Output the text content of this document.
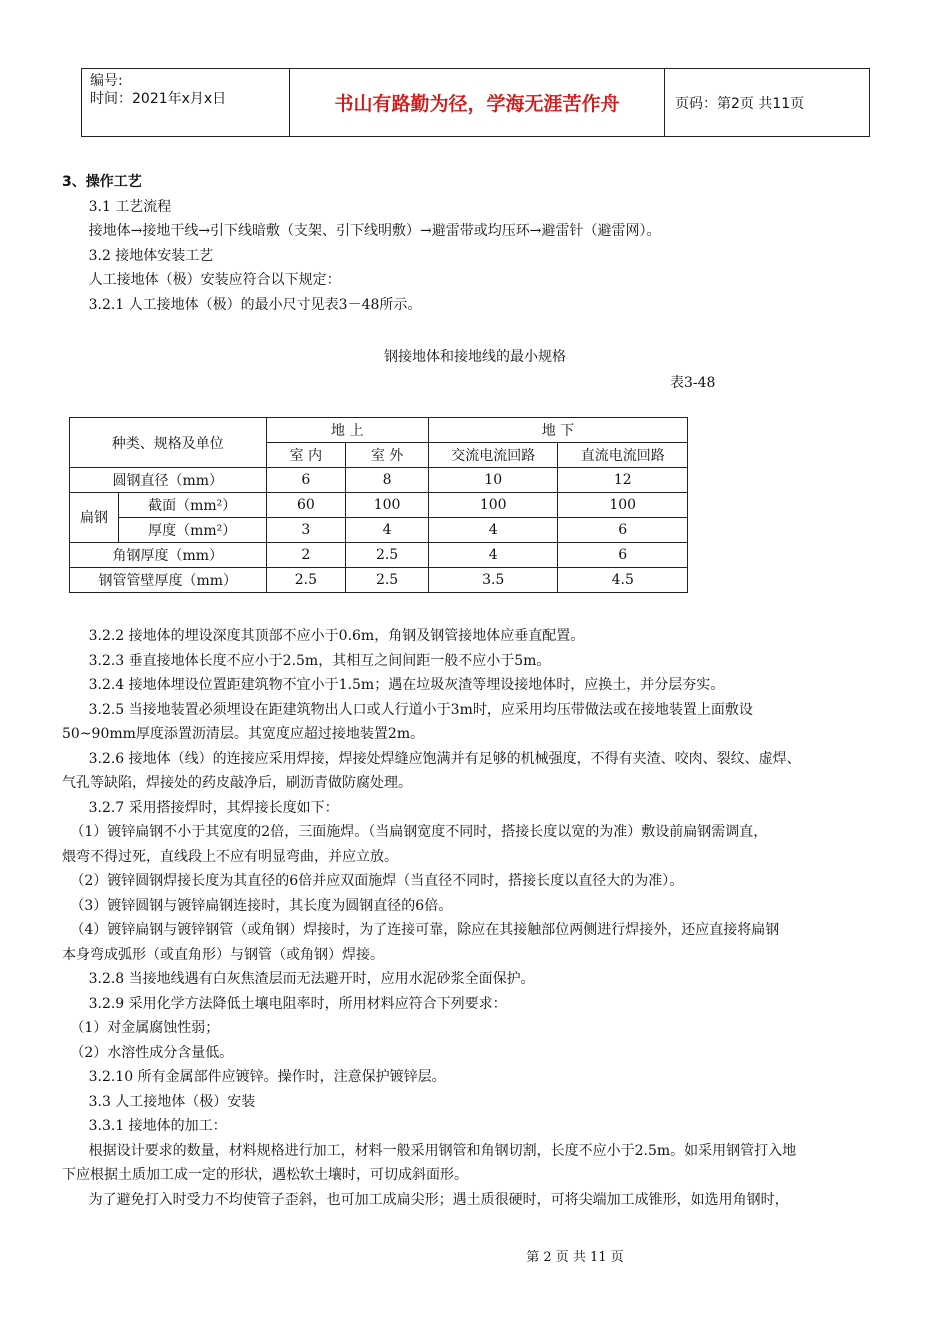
编号:
时间：2021年x月x日	书山有路勤为径，学海无涯苦作舟	页码：第2页 共11页
3、操作工艺
3.1 工艺流程
接地体→接地干线→引下线暗敷（支架、引下线明敷）→避雷带或均压环→避雷针（避雷网）。
3.2 接地体安装工艺
人工接地体（极）安装应符合以下规定：
3.2.1 人工接地体（极）的最小尺寸见表3－48所示。
钢接地体和接地线的最小规格
表3-48
种类、规格及单位		地 上		地 下	
		室 内	室 外	交流电流回路	直流电流回路
圆钢直径（mm）		6	8	10	12
扁钢	截面（mm²）	60	100	100	100
	厚度（mm²）	3	4	4	6
角钢厚度（mm）		2	2.5	4	6
钢管管壁厚度（mm）		2.5	2.5	3.5	4.5
3.2.2 接地体的埋设深度其顶部不应小于0.6m，角钢及钢管接地体应垂直配置。
3.2.3 垂直接地体长度不应小于2.5m，其相互之间间距一般不应小于5m。
3.2.4 接地体埋设位置距建筑物不宜小于1.5m；遇在垃圾灰渣等埋设接地体时，应换土，并分层夯实。
3.2.5 当接地装置必须埋设在距建筑物出人口或人行道小于3m时，应采用均压带做法或在接地装置上面敷设
50~90mm厚度添置沥清层。其宽度应超过接地装置2m。
3.2.6 接地体（线）的连接应采用焊接，焊接处焊缝应饱满并有足够的机械强度，不得有夹渣、咬肉、裂纹、虚焊、
气孔等缺陷，焊接处的药皮敲净后，刷沥青做防腐处理。
3.2.7 采用搭接焊时，其焊接长度如下：
（1）镀锌扁钢不小于其宽度的2倍，三面施焊。（当扁钢宽度不同时，搭接长度以宽的为准）敷设前扁钢需调直，
煨弯不得过死，直线段上不应有明显弯曲，并应立放。
（2）镀锌圆钢焊接长度为其直径的6倍并应双面施焊（当直径不同时，搭接长度以直径大的为准）。
（3）镀锌圆钢与镀锌扁钢连接时，其长度为圆钢直径的6倍。
（4）镀锌扁钢与镀锌钢管（或角钢）焊接时，为了连接可靠，除应在其接触部位两侧进行焊接外，还应直接将扁钢
本身弯成弧形（或直角形）与钢管（或角钢）焊接。
3.2.8 当接地线遇有白灰焦渣层而无法避开时，应用水泥砂浆全面保护。
3.2.9 采用化学方法降低土壤电阻率时，所用材料应符合下列要求：
（1）对金属腐蚀性弱；
（2）水溶性成分含量低。
3.2.10 所有金属部件应镀锌。操作时，注意保护镀锌层。
3.3 人工接地体（极）安装
3.3.1 接地体的加工：
根据设计要求的数量，材料规格进行加工，材料一般采用钢管和角钢切割，长度不应小于2.5m。如采用钢管打入地
下应根据土质加工成一定的形状，遇松软土壤时，可切成斜面形。
为了避免打入时受力不均使管子歪斜，也可加工成扁尖形；遇土质很硬时，可将尖端加工成锥形，如选用角钢时，
第 2 页 共 11 页
